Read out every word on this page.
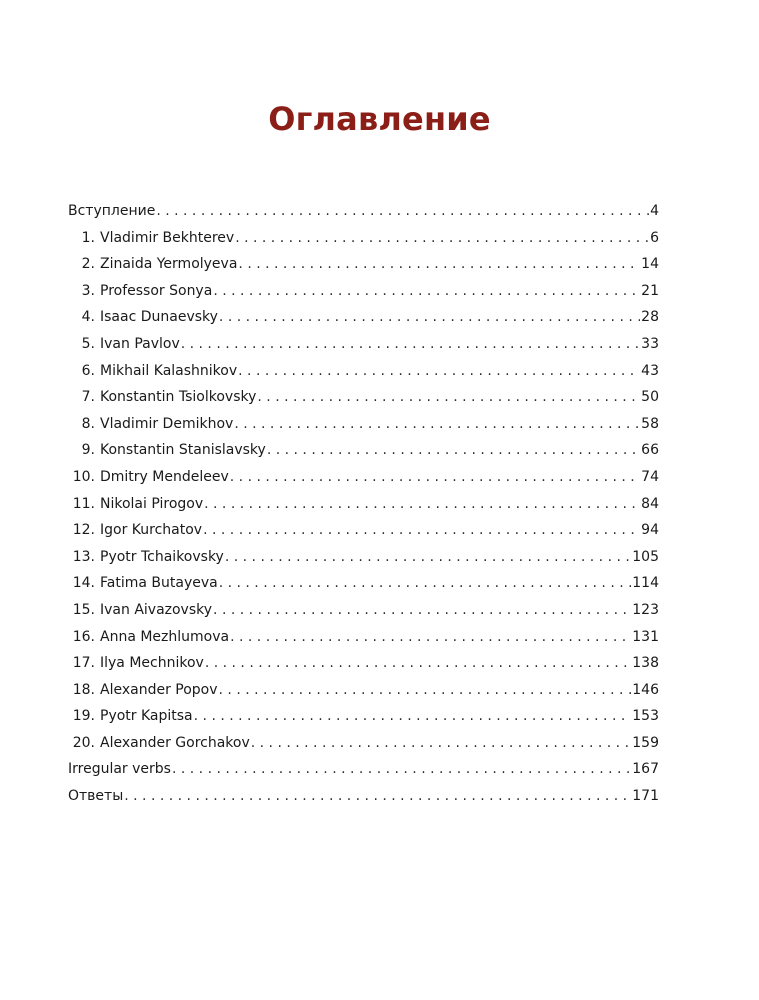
Оглавление
Вступление . . .	4
1. Vladimir Bekhterev . . .	6
2. Zinaida Yermolyeva . . .	14
3. Professor Sonya . . .	21
4. Isaac Dunaevsky . . .	28
5. Ivan Pavlov . . .	33
6. Mikhail Kalashnikov . . .	43
7. Konstantin Tsiolkovsky . . .	50
8. Vladimir Demikhov . . .	58
9. Konstantin Stanislavsky . . .	66
10. Dmitry Mendeleev . . .	74
11. Nikolai Pirogov . . .	84
12. Igor Kurchatov . . .	94
13. Pyotr Tchaikovsky . . .	105
14. Fatima Butayeva . . .	114
15. Ivan Aivazovsky . . .	123
16. Anna Mezhlumova . . .	131
17. Ilya Mechnikov . . .	138
18. Alexander Popov . . .	146
19. Pyotr Kapitsa . . .	153
20. Alexander Gorchakov . . .	159
Irregular verbs . . .	167
Ответы . . .	171
